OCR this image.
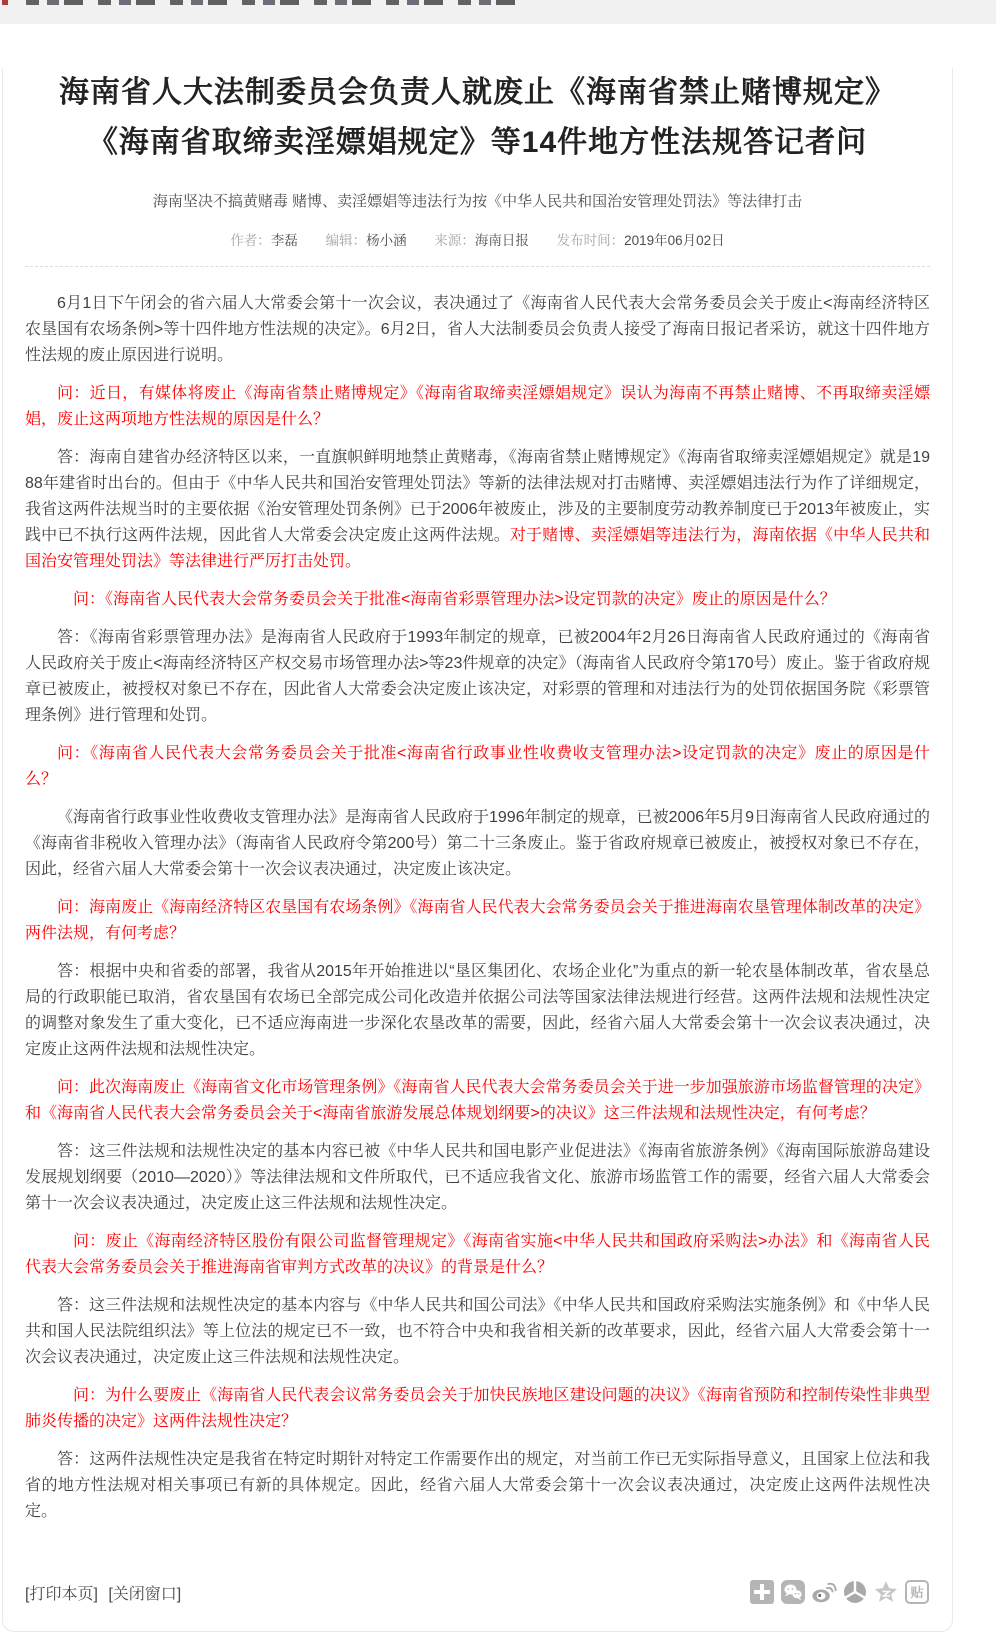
海南省人大法制委员会负责人就废止《海南省禁止赌博规定》
《海南省取缔卖淫嫖娼规定》等14件地方性法规答记者问
海南坚决不搞黄赌毒 赌博、卖淫嫖娼等违法行为按《中华人民共和国治安管理处罚法》等法律打击
作者：李磊 编辑：杨小涵 来源：海南日报 发布时间：2019年06月02日

6月1日下午闭会的省六届人大常委会第十一次会议，表决通过了《海南省人民代表大会常务委员会关于废止<海南经济特区农垦国有农场条例>等十四件地方性法规的决定》。6月2日，省人大法制委员会负责人接受了海南日报记者采访，就这十四件地方性法规的废止原因进行说明。

问：近日，有媒体将废止《海南省禁止赌博规定》《海南省取缔卖淫嫖娼规定》误认为海南不再禁止赌博、不再取缔卖淫嫖娼，废止这两项地方性法规的原因是什么？

答：海南自建省办经济特区以来，一直旗帜鲜明地禁止黄赌毒，《海南省禁止赌博规定》《海南省取缔卖淫嫖娼规定》就是1988年建省时出台的。但由于《中华人民共和国治安管理处罚法》等新的法律法规对打击赌博、卖淫嫖娼违法行为作了详细规定，我省这两件法规当时的主要依据《治安管理处罚条例》已于2006年被废止，涉及的主要制度劳动教养制度已于2013年被废止，实践中已不执行这两件法规，因此省人大常委会决定废止这两件法规。对于赌博、卖淫嫖娼等违法行为，海南依据《中华人民共和国治安管理处罚法》等法律进行严厉打击处罚。

问：《海南省人民代表大会常务委员会关于批准<海南省彩票管理办法>设定罚款的决定》废止的原因是什么？

答：《海南省彩票管理办法》是海南省人民政府于1993年制定的规章，已被2004年2月26日海南省人民政府通过的《海南省人民政府关于废止<海南经济特区产权交易市场管理办法>等23件规章的决定》（海南省人民政府令第170号）废止。鉴于省政府规章已被废止，被授权对象已不存在，因此省人大常委会决定废止该决定，对彩票的管理和对违法行为的处罚依据国务院《彩票管理条例》进行管理和处罚。

问：《海南省人民代表大会常务委员会关于批准<海南省行政事业性收费收支管理办法>设定罚款的决定》废止的原因是什么？

《海南省行政事业性收费收支管理办法》是海南省人民政府于1996年制定的规章，已被2006年5月9日海南省人民政府通过的《海南省非税收入管理办法》（海南省人民政府令第200号）第二十三条废止。鉴于省政府规章已被废止，被授权对象已不存在，因此，经省六届人大常委会第十一次会议表决通过，决定废止该决定。

问：海南废止《海南经济特区农垦国有农场条例》《海南省人民代表大会常务委员会关于推进海南农垦管理体制改革的决定》两件法规，有何考虑？

答：根据中央和省委的部署，我省从2015年开始推进以“垦区集团化、农场企业化”为重点的新一轮农垦体制改革，省农垦总局的行政职能已取消，省农垦国有农场已全部完成公司化改造并依据公司法等国家法律法规进行经营。这两件法规和法规性决定的调整对象发生了重大变化，已不适应海南进一步深化农垦改革的需要，因此，经省六届人大常委会第十一次会议表决通过，决定废止这两件法规和法规性决定。

问：此次海南废止《海南省文化市场管理条例》《海南省人民代表大会常务委员会关于进一步加强旅游市场监督管理的决定》和《海南省人民代表大会常务委员会关于<海南省旅游发展总体规划纲要>的决议》这三件法规和法规性决定，有何考虑？

答：这三件法规和法规性决定的基本内容已被《中华人民共和国电影产业促进法》《海南省旅游条例》《海南国际旅游岛建设发展规划纲要（2010—2020）》等法律法规和文件所取代，已不适应我省文化、旅游市场监管工作的需要，经省六届人大常委会第十一次会议表决通过，决定废止这三件法规和法规性决定。

问：废止《海南经济特区股份有限公司监督管理规定》《海南省实施<中华人民共和国政府采购法>办法》和《海南省人民代表大会常务委员会关于推进海南省审判方式改革的决议》的背景是什么？

答：这三件法规和法规性决定的基本内容与《中华人民共和国公司法》《中华人民共和国政府采购法实施条例》和《中华人民共和国人民法院组织法》等上位法的规定已不一致，也不符合中央和我省相关新的改革要求，因此，经省六届人大常委会第十一次会议表决通过，决定废止这三件法规和法规性决定。

问：为什么要废止《海南省人民代表会议常务委员会关于加快民族地区建设问题的决议》《海南省预防和控制传染性非典型肺炎传播的决定》这两件法规性决定？

答：这两件法规性决定是我省在特定时期针对特定工作需要作出的规定，对当前工作已无实际指导意义，且国家上位法和我省的地方性法规对相关事项已有新的具体规定。因此，经省六届人大常委会第十一次会议表决通过，决定废止这两件法规性决定。

[打印本页] [关闭窗口]	贴
